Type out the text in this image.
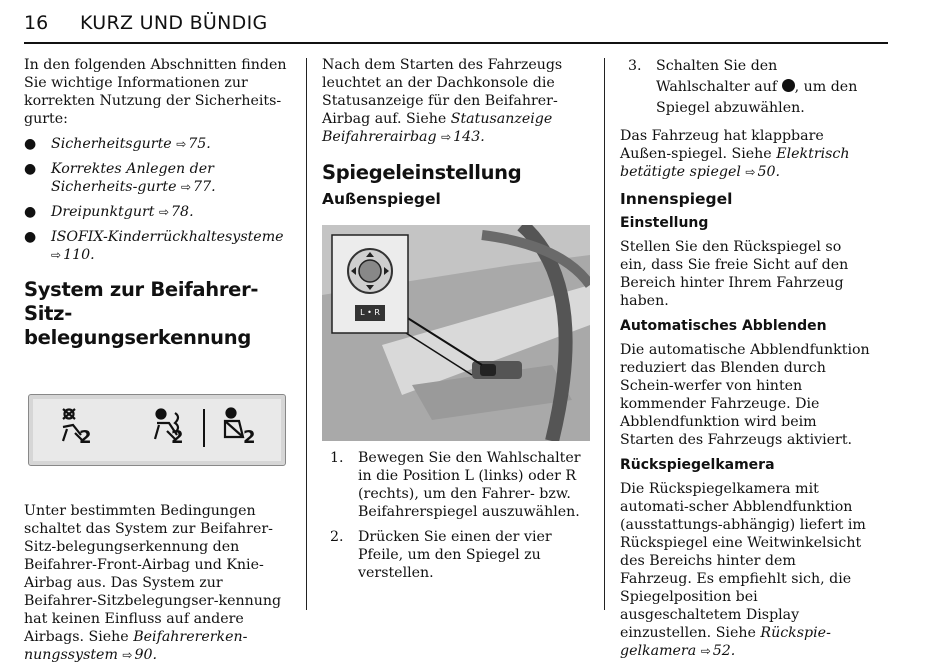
16 KURZ UND BÜNDIG

In den folgenden Abschnitten finden Sie wichtige Informationen zur korrekten Nutzung der Sicherheits-gurte:

● Sicherheitsgurte ⇨ 75.
● Korrektes Anlegen der Sicherheits-gurte ⇨ 77.
● Dreipunktgurt ⇨ 78.
● ISOFIX-Kinderrückhaltesysteme ⇨ 110.
System zur Beifahrer-Sitz-belegungserkennung
2	2	2

Unter bestimmten Bedingungen schaltet das System zur Beifahrer-Sitz-belegungserkennung den Beifahrer-Front-Airbag und Knie-Airbag aus. Das System zur Beifahrer-Sitzbelegungser-kennung hat keinen Einfluss auf andere Airbags. Siehe Beifahrererken-nungssystem ⇨ 90.

Nach dem Starten des Fahrzeugs leuchtet an der Dachkonsole die Statusanzeige für den Beifahrer-Airbag auf. Siehe Statusanzeige Beifahrerairbag ⇨ 143.

Spiegeleinstellung
Außenspiegel
L • R
1. Bewegen Sie den Wahlschalter in die Position L (links) oder R (rechts), um den Fahrer- bzw. Beifahrerspiegel auszuwählen.
2. Drücken Sie einen der vier Pfeile, um den Spiegel zu verstellen.
3. Schalten Sie den Wahlschalter auf , um den Spiegel abzuwählen.

Das Fahrzeug hat klappbare Außen-spiegel. Siehe Elektrisch betätigte spiegel ⇨ 50.

Innenspiegel
Einstellung

Stellen Sie den Rückspiegel so ein, dass Sie freie Sicht auf den Bereich hinter Ihrem Fahrzeug haben.

Automatisches Abblenden

Die automatische Abblendfunktion reduziert das Blenden durch Schein-werfer von hinten kommender Fahrzeuge. Die Abblendfunktion wird beim Starten des Fahrzeugs aktiviert.

Rückspiegelkamera

Die Rückspiegelkamera mit automati-scher Abblendfunktion (ausstattungs-abhängig) liefert im Rückspiegel eine Weitwinkelsicht des Bereichs hinter dem Fahrzeug. Es empfiehlt sich, die Spiegelposition bei ausgeschaltetem Display einzustellen. Siehe Rückspie-gelkamera ⇨ 52.
